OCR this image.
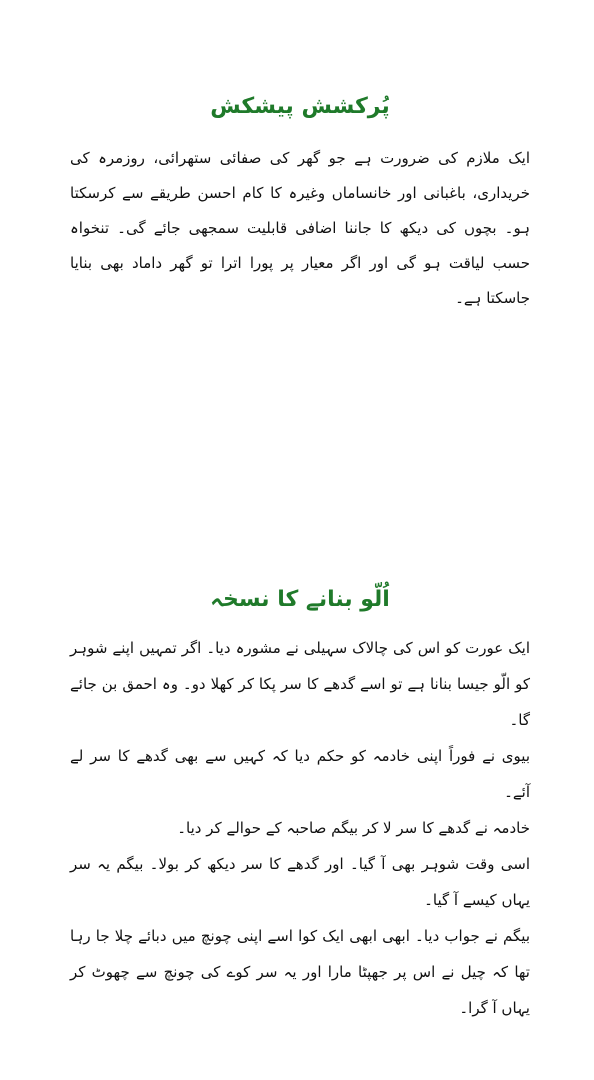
پُرکشش پیشکش

ایک ملازم کی ضرورت ہے جو گھر کی صفائی ستھرائی، روزمرہ کی خریداری، باغبانی اور خانساماں وغیرہ کا کام احسن طریقے سے کرسکتا ہو۔ بچوں کی دیکھ کا جاننا اضافی قابلیت سمجھی جائے گی۔ تنخواہ حسب لیاقت ہو گی اور اگر معیار پر پورا اترا تو گھر داماد بھی بنایا جاسکتا ہے۔

اُلّو بنانے کا نسخہ

ایک عورت کو اس کی چالاک سہیلی نے مشورہ دیا۔ اگر تمہیں اپنے شوہر کو الّو جیسا بنانا ہے تو اسے گدھے کا سر پکا کر کھلا دو۔ وہ احمق بن جائے گا۔

بیوی نے فوراً اپنی خادمہ کو حکم دیا کہ کہیں سے بھی گدھے کا سر لے آئے۔

خادمہ نے گدھے کا سر لا کر بیگم صاحبہ کے حوالے کر دیا۔

اسی وقت شوہر بھی آ گیا۔ اور گدھے کا سر دیکھ کر بولا۔ بیگم یہ سر یہاں کیسے آ گیا۔

بیگم نے جواب دیا۔ ابھی ابھی ایک کوا اسے اپنی چونچ میں دبائے چلا جا رہا تھا کہ چیل نے اس پر جھپٹا مارا اور یہ سر کوے کی چونچ سے چھوٹ کر یہاں آ گرا۔
